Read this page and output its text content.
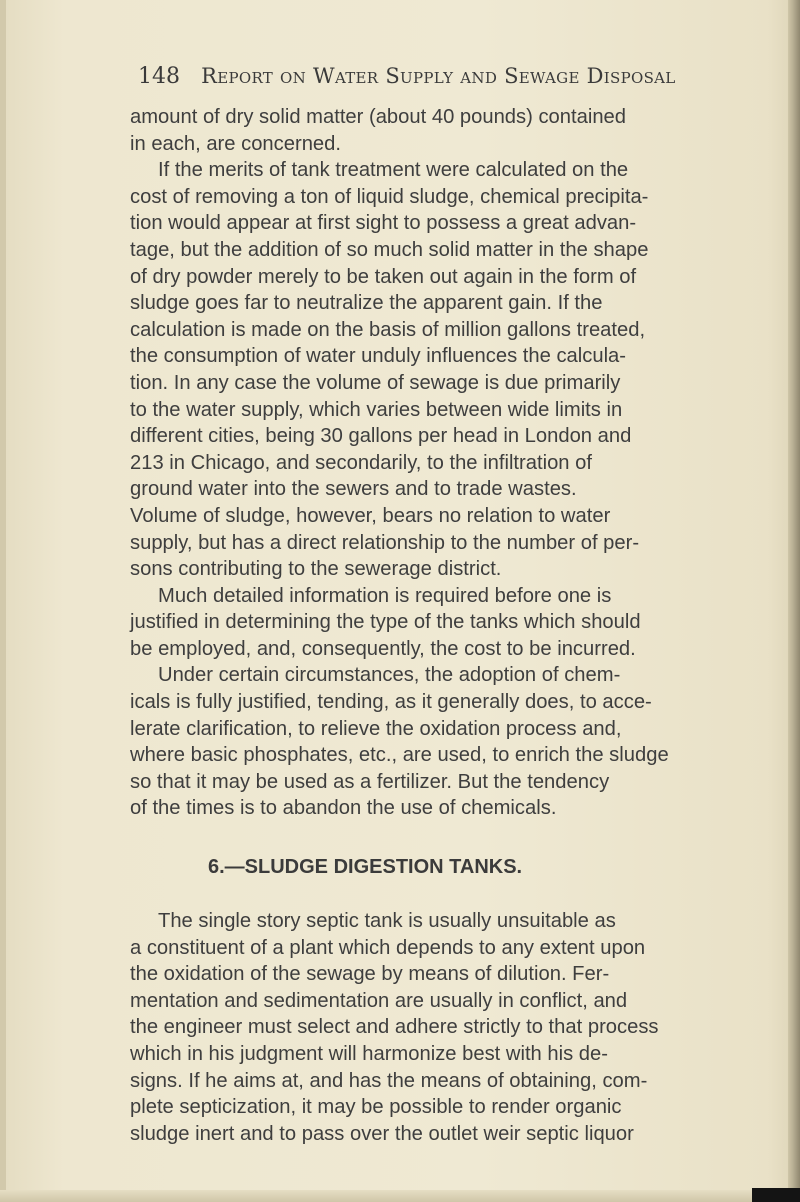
148 Report on Water Supply and Sewage Disposal
amount of dry solid matter (about 40 pounds) contained
in each, are concerned.
If the merits of tank treatment were calculated on the
cost of removing a ton of liquid sludge, chemical precipita-
tion would appear at first sight to possess a great advan-
tage, but the addition of so much solid matter in the shape
of dry powder merely to be taken out again in the form of
sludge goes far to neutralize the apparent gain. If the
calculation is made on the basis of million gallons treated,
the consumption of water unduly influences the calcula-
tion. In any case the volume of sewage is due primarily
to the water supply, which varies between wide limits in
different cities, being 30 gallons per head in London and
213 in Chicago, and secondarily, to the infiltration of
ground water into the sewers and to trade wastes.
Volume of sludge, however, bears no relation to water
supply, but has a direct relationship to the number of per-
sons contributing to the sewerage district.
Much detailed information is required before one is
justified in determining the type of the tanks which should
be employed, and, consequently, the cost to be incurred.
Under certain circumstances, the adoption of chem-
icals is fully justified, tending, as it generally does, to acce-
lerate clarification, to relieve the oxidation process and,
where basic phosphates, etc., are used, to enrich the sludge
so that it may be used as a fertilizer. But the tendency
of the times is to abandon the use of chemicals.
6.—SLUDGE DIGESTION TANKS.
The single story septic tank is usually unsuitable as
a constituent of a plant which depends to any extent upon
the oxidation of the sewage by means of dilution. Fer-
mentation and sedimentation are usually in conflict, and
the engineer must select and adhere strictly to that process
which in his judgment will harmonize best with his de-
signs. If he aims at, and has the means of obtaining, com-
plete septicization, it may be possible to render organic
sludge inert and to pass over the outlet weir septic liquor
